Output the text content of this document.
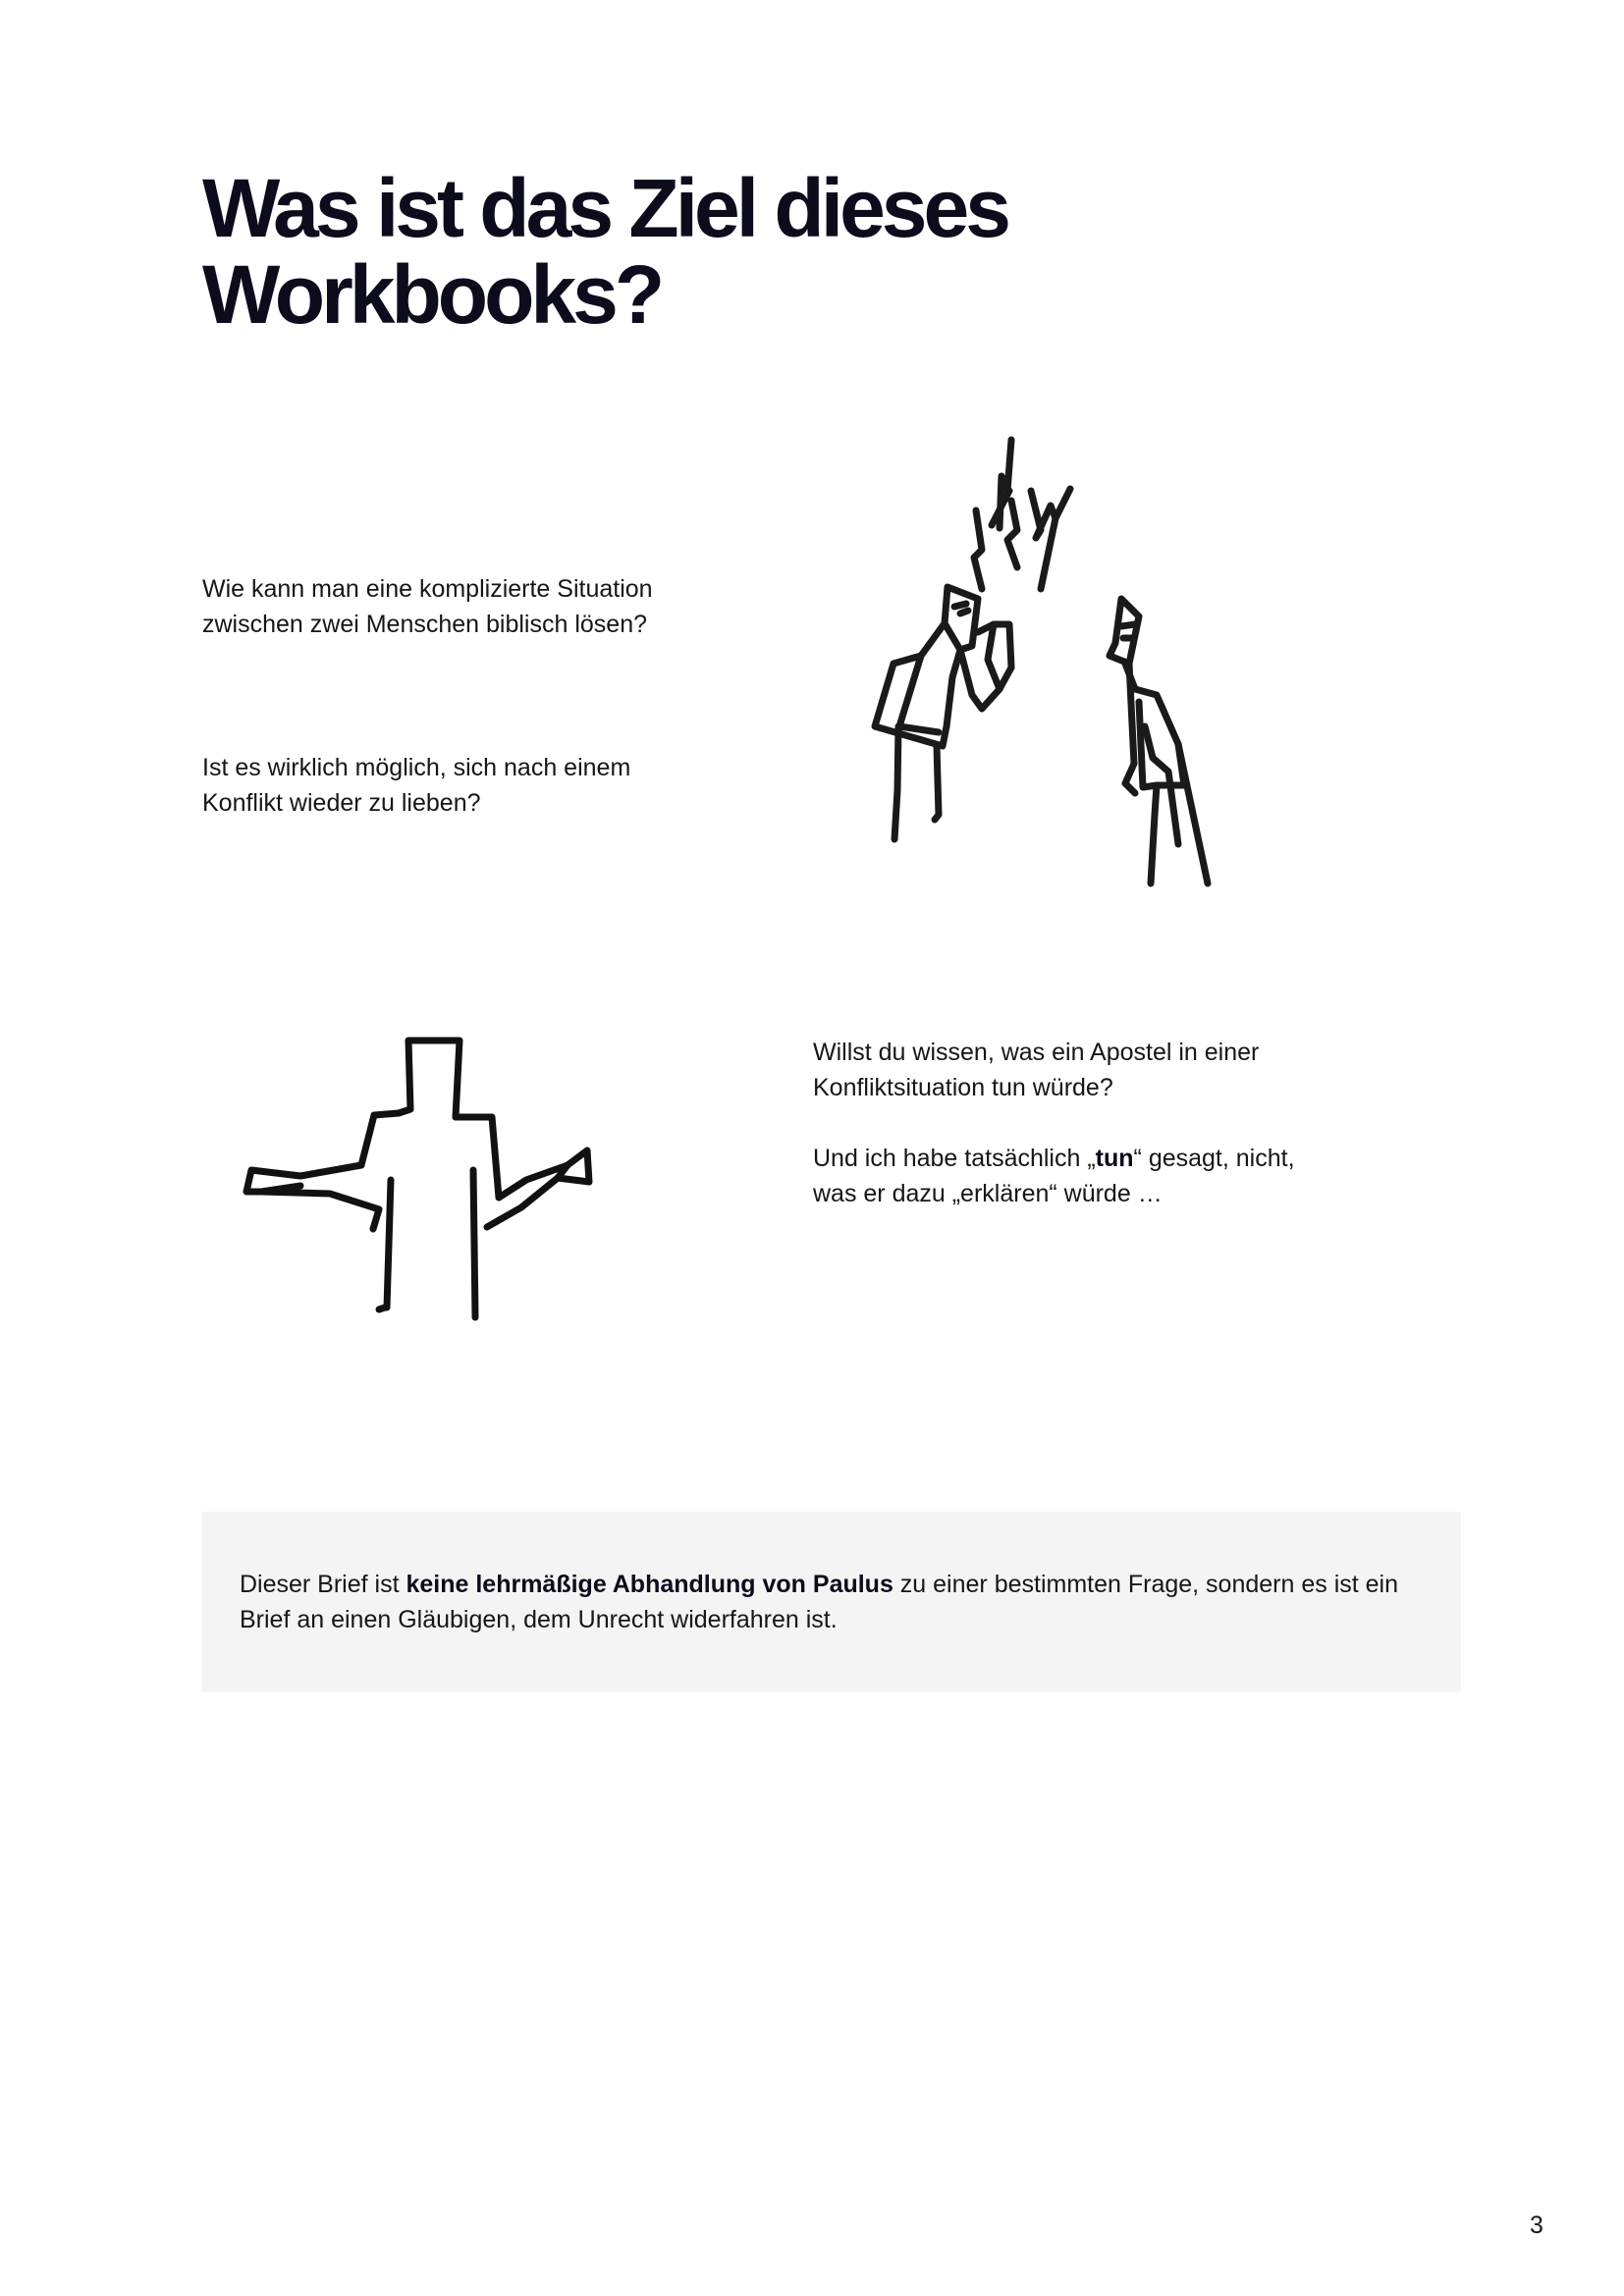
Was ist das Ziel dieses
Workbooks?

Wie kann man eine komplizierte Situation
zwischen zwei Menschen biblisch lösen?

Ist es wirklich möglich, sich nach einem
Konflikt wieder zu lieben?

Willst du wissen, was ein Apostel in einer
Konfliktsituation tun würde?
Und ich habe tatsächlich „tun“ gesagt, nicht,
was er dazu „erklären“ würde …

Dieser Brief ist keine lehrmäßige Abhandlung von Paulus zu einer bestimmten Frage, sondern es ist ein
Brief an einen Gläubigen, dem Unrecht widerfahren ist.

3
